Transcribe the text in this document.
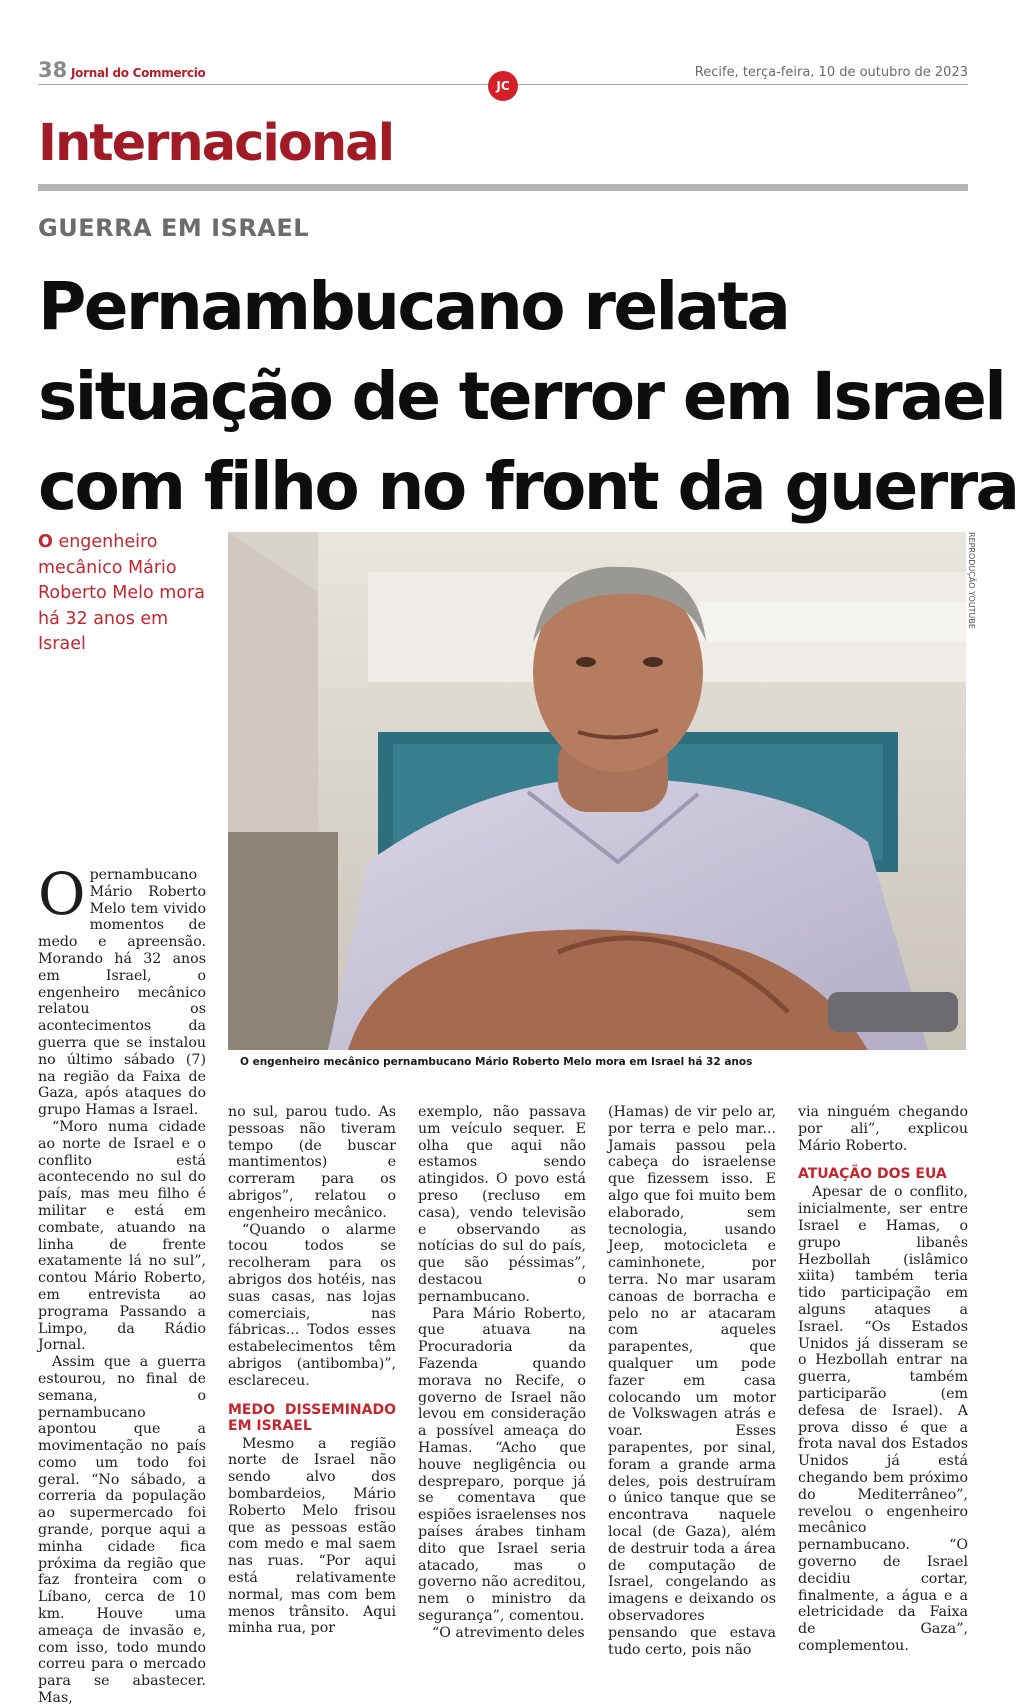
38 Jornal do Commercio	Recife, terça-feira, 10 de outubro de 2023
JC
Internacional
GUERRA EM ISRAEL
Pernambucano relata
situação de terror em Israel
com filho no front da guerra
O engenheiro mecânico Mário Roberto Melo mora há 32 anos em Israel
REPRODUÇÃO YOUTUBE
O engenheiro mecânico pernambucano Mário Roberto Melo mora em Israel há 32 anos

Opernambucano Mário Roberto Melo tem vivido momentos de medo e apreensão. Morando há 32 anos em Israel, o engenheiro mecânico relatou os acontecimentos da guerra que se instalou no último sábado (7) na região da Faixa de Gaza, após ataques do grupo Hamas a Israel.

“Moro numa cidade ao norte de Israel e o conflito está acontecendo no sul do país, mas meu filho é militar e está em combate, atuando na linha de frente exatamente lá no sul”, contou Mário Roberto, em entrevista ao programa Passando a Limpo, da Rádio Jornal.

Assim que a guerra estourou, no final de semana, o pernambucano apontou que a movimentação no país como um todo foi geral. “No sábado, a correria da população ao supermercado foi grande, porque aqui a minha cidade fica próxima da região que faz fronteira com o Líbano, cerca de 10 km. Houve uma ameaça de invasão e, com isso, todo mundo correu para o mercado para se abastecer. Mas,

no sul, parou tudo. As pessoas não tiveram tempo (de buscar mantimentos) e correram para os abrigos”, relatou o engenheiro mecânico.

“Quando o alarme tocou todos se recolheram para os abrigos dos hotéis, nas suas casas, nas lojas comerciais, nas fábricas... Todos esses estabelecimentos têm abrigos (antibomba)”, esclareceu.

MEDO DISSEMINADO EM ISRAEL

Mesmo a região norte de Israel não sendo alvo dos bombardeios, Mário Roberto Melo frisou que as pessoas estão com medo e mal saem nas ruas. “Por aqui está relativamente normal, mas com bem menos trânsito. Aqui minha rua, por

exemplo, não passava um veículo sequer. E olha que aqui não estamos sendo atingidos. O povo está preso (recluso em casa), vendo televisão e observando as notícias do sul do país, que são péssimas”, destacou o pernambucano.

Para Mário Roberto, que atuava na Procuradoria da Fazenda quando morava no Recife, o governo de Israel não levou em consideração a possível ameaça do Hamas. “Acho que houve negligência ou despreparo, porque já se comentava que espiões israelenses nos países árabes tinham dito que Israel seria atacado, mas o governo não acreditou, nem o ministro da segurança”, comentou.

“O atrevimento deles

(Hamas) de vir pelo ar, por terra e pelo mar... Jamais passou pela cabeça do israelense que fizessem isso. E algo que foi muito bem elaborado, sem tecnologia, usando Jeep, motocicleta e caminhonete, por terra. No mar usaram canoas de borracha e pelo no ar atacaram com aqueles parapentes, que qualquer um pode fazer em casa colocando um motor de Volkswagen atrás e voar. Esses parapentes, por sinal, foram a grande arma deles, pois destruíram o único tanque que se encontrava naquele local (de Gaza), além de destruir toda a área de computação de Israel, congelando as imagens e deixando os observadores pensando que estava tudo certo, pois não

via ninguém chegando por ali”, explicou Mário Roberto.

ATUAÇÃO DOS EUA

Apesar de o conflito, inicialmente, ser entre Israel e Hamas, o grupo libanês Hezbollah (islâmico xiita) também teria tido participação em alguns ataques a Israel. “Os Estados Unidos já disseram se o Hezbollah entrar na guerra, também participarão (em defesa de Israel). A prova disso é que a frota naval dos Estados Unidos já está chegando bem próximo do Mediterrâneo”, revelou o engenheiro mecânico pernambucano. “O governo de Israel decidiu cortar, finalmente, a água e a eletricidade da Faixa de Gaza”, complementou.
